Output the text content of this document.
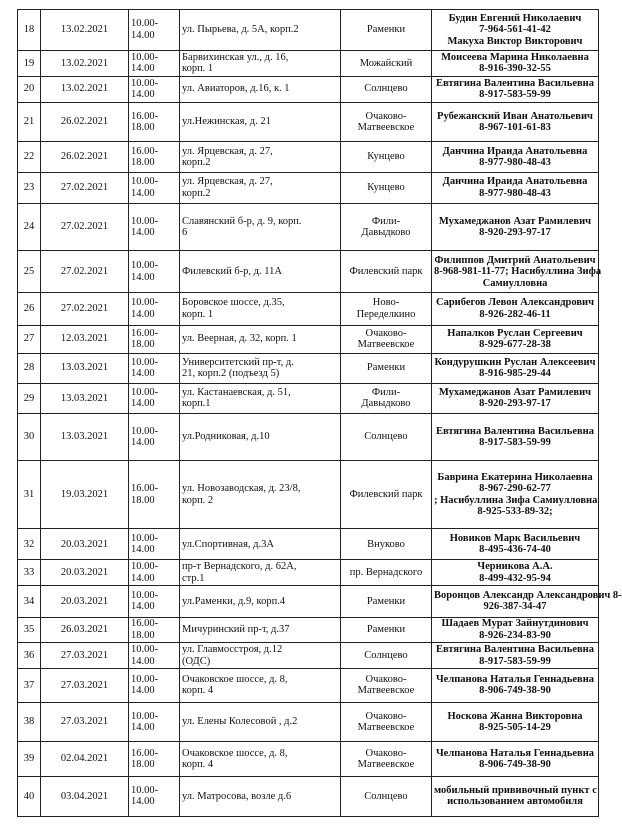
18	13.02.2021	10.00-
14.00	ул. Пырьева, д. 5А, корп.2	Раменки	Будин Евгений Николаевич
7-964-561-41-42
Макуха Виктор Викторович

19	13.02.2021	10.00-
14.00	Барвихинская ул., д. 16,
корп. 1	Можайский	Моисеева Марина Николаевна
8-916-390-32-55

20	13.02.2021	10.00-
14.00	ул. Авиаторов, д.16, к. 1	Солнцево	Евтягина Валентина Васильевна
8-917-583-59-99

21	26.02.2021	16.00-
18.00	ул.Нежинская, д. 21	Очаково-
Матвеевское	Рубежанский Иван Анатольевич
8-967-101-61-83

22	26.02.2021	16.00-
18.00	ул. Ярцевская, д. 27,
корп.2	Кунцево	Данчина Ираида Анатольевна
8-977-980-48-43

23	27.02.2021	10.00-
14.00	ул. Ярцевская, д. 27,
корп.2	Кунцево	Данчина Ираида Анатольевна
8-977-980-48-43

24	27.02.2021	10.00-
14.00	Славянский б-р, д. 9, корп.
6	Фили-
Давыдково	Мухамеджанов Азат Рамилевич
8-920-293-97-17

25	27.02.2021	10.00-
14.00	Филевский б-р, д. 11А	Филевский парк	Филиппов Дмитрий Анатольевич
8-968-981-11-77; Насибуллина Зифа
Самиулловна

26	27.02.2021	10.00-
14.00	Боровское шоссе, д.35,
корп. 1	Ново-
Переделкино	Сарибегов Левон Александрович
8-926-282-46-11

27	12.03.2021	16.00-
18.00	ул. Веерная, д. 32, корп. 1	Очаково-
Матвеевское	Напалков Руслан Сергеевич
8-929-677-28-38

28	13.03.2021	10.00-
14.00	Университетский пр-т, д.
21, корп.2 (подъезд 5)	Раменки	Кондурушкин Руслан Алексеевич
8-916-985-29-44

29	13.03.2021	10.00-
14.00	ул. Кастанаевская, д. 51,
корп.1	Фили-
Давыдково	Мухамеджанов Азат Рамилевич
8-920-293-97-17

30	13.03.2021	10.00-
14.00	ул.Родниковая, д.10	Солнцево	Евтягина Валентина Васильевна
8-917-583-59-99

31	19.03.2021	16.00-
18.00	ул. Новозаводская, д. 23/8,
корп. 2	Филевский парк	Баврина Екатерина Николаевна
8-967-290-62-77
; Насибуллина Зифа Самиулловна
8-925-533-89-32;

32	20.03.2021	10.00-
14.00	ул.Спортивная, д.3А	Внуково	Новиков Марк Васильевич
8-495-436-74-40

33	20.03.2021	10.00-
14.00	пр-т Вернадского, д. 62А,
стр.1	пр. Вернадского	Черникова А.А.
8-499-432-95-94

34	20.03.2021	10.00-
14.00	ул.Раменки, д.9, корп.4	Раменки	Воронцов Александр Александрович 8-
926-387-34-47

35	26.03.2021	16.00-
18.00	Мичуринский пр-т, д.37	Раменки	Шадаев Мурат Зайнутдинович
8-926-234-83-90

36	27.03.2021	10.00-
14.00	ул. Главмосстроя, д.12
(ОДС)	Солнцево	Евтягина Валентина Васильевна
8-917-583-59-99

37	27.03.2021	10.00-
14.00	Очаковское шоссе, д. 8,
корп. 4	Очаково-
Матвеевское	Челпанова Наталья Геннадьевна
8-906-749-38-90

38	27.03.2021	10.00-
14.00	ул. Елены Колесовой , д.2	Очаково-
Матвеевское	Носкова Жанна Викторовна
8-925-505-14-29

39	02.04.2021	16.00-
18.00	Очаковское шоссе, д. 8,
корп. 4	Очаково-
Матвеевское	Челпанова Наталья Геннадьевна
8-906-749-38-90

40	03.04.2021	10.00-
14.00	ул. Матросова, возле д.6	Солнцево	мобильный прививочный пункт с
использованием автомобиля
